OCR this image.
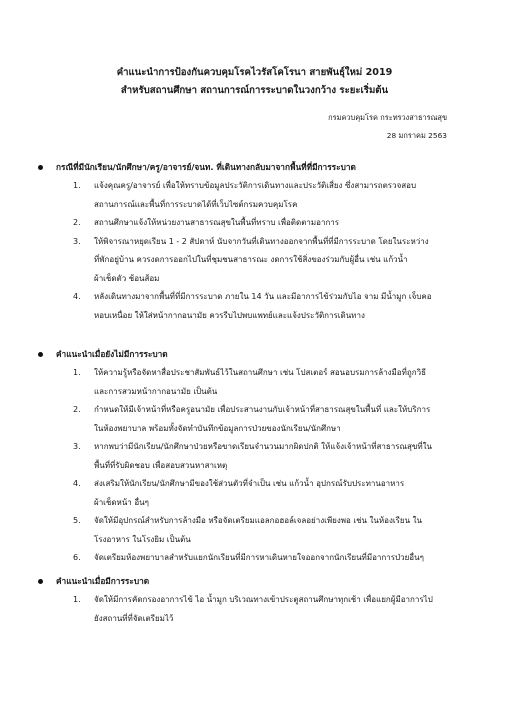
คำแนะนำการป้องกันควบคุมโรคไวรัสโคโรนา สายพันธุ์ใหม่ 2019
สำหรับสถานศึกษา สถานการณ์การระบาดในวงกว้าง ระยะเริ่มต้น
กรมควบคุมโรค กระทรวงสาธารณสุข
28 มกราคม 2563
กรณีที่มีนักเรียน/นักศึกษา/ครู/อาจารย์/จนท. ที่เดินทางกลับมาจากพื้นที่ที่มีการระบาด
1. แจ้งคุณครู/อาจารย์ เพื่อให้ทราบข้อมูลประวัติการเดินทางและประวัติเสี่ยง ซึ่งสามารถตรวจสอบ
สถานการณ์และพื้นที่การระบาดได้ที่เว็บไซต์กรมควบคุมโรค
2. สถานศึกษาแจ้งให้หน่วยงานสาธารณสุขในพื้นที่ทราบ เพื่อติดตามอาการ
3. ให้พิจารณาหยุดเรียน 1 - 2 สัปดาห์ นับจากวันที่เดินทางออกจากพื้นที่ที่มีการระบาด โดยในระหว่าง
ที่พักอยู่บ้าน ควรงดการออกไปในที่ชุมชนสาธารณะ งดการใช้สิ่งของร่วมกับผู้อื่น เช่น แก้วน้ำ
ผ้าเช็ดตัว ช้อนส้อม
4. หลังเดินทางมาจากพื้นที่ที่มีการระบาด ภายใน 14 วัน และมีอาการไข้ร่วมกับไอ จาม มีน้ำมูก เจ็บคอ
หอบเหนื่อย ให้ใส่หน้ากากอนามัย ควรรีบไปพบแพทย์และแจ้งประวัติการเดินทาง
คำแนะนำเมื่อยังไม่มีการระบาด
1. ให้ความรู้หรือจัดหาสื่อประชาสัมพันธ์ไว้ในสถานศึกษา เช่น โปสเตอร์ สอนอบรมการล้างมือที่ถูกวิธี
และการสวมหน้ากากอนามัย เป็นต้น
2. กำหนดให้มีเจ้าหน้าที่หรือครูอนามัย เพื่อประสานงานกับเจ้าหน้าที่สาธารณสุขในพื้นที่ และให้บริการ
ในห้องพยาบาล พร้อมทั้งจัดทำบันทึกข้อมูลการป่วยของนักเรียน/นักศึกษา
3. หากพบว่ามีนักเรียน/นักศึกษาป่วยหรือขาดเรียนจำนวนมากผิดปกติ ให้แจ้งเจ้าหน้าที่สาธารณสุขที่ใน
พื้นที่ที่รับผิดชอบ เพื่อสอบสวนหาสาเหตุ
4. ส่งเสริมให้นักเรียน/นักศึกษามีของใช้ส่วนตัวที่จำเป็น เช่น แก้วน้ำ อุปกรณ์รับประทานอาหาร
ผ้าเช็ดหน้า อื่นๆ
5. จัดให้มีอุปกรณ์สำหรับการล้างมือ หรือจัดเตรียมแอลกอฮอล์เจลอย่างเพียงพอ เช่น ในห้องเรียน ใน
โรงอาหาร ในโรงยิม เป็นต้น
6. จัดเตรียมห้องพยาบาลสำหรับแยกนักเรียนที่มีการหาเดินหายใจออกจากนักเรียนที่มีอาการป่วยอื่นๆ
คำแนะนำเมื่อมีการระบาด
1. จัดให้มีการคัดกรองอาการไข้ ไอ น้ำมูก บริเวณทางเข้าประตูสถานศึกษาทุกเช้า เพื่อแยกผู้มีอาการไป
ยังสถานที่ที่จัดเตรียมไว้
